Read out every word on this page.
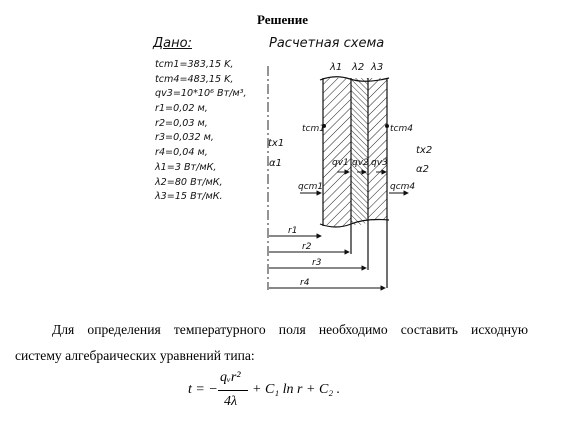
Решение
Дано:
tcm1=383,15 K,
tcm4=483,15 K,
qv3=10*10⁶ Вт/м³,
r1=0,02 м,
r2=0,03 м,
r3=0,032 м,
r4=0,04 м,
λ1=3 Вт/мК,
λ2=80 Вт/мК,
λ3=15 Вт/мК.
Расчетная схема
λ1 λ2 λ3
tcm1	tcm4
tx1
α1
tx2
α2
qcm1	qcm4
qv1 qv2 qv3
r1
r2
r3
r4
Для определения температурного поля необходимо составить исходную
систему алгебраических уравнений типа:
t = −
qᵥr²
4λ
+ C₁ ln r + C₂ .
